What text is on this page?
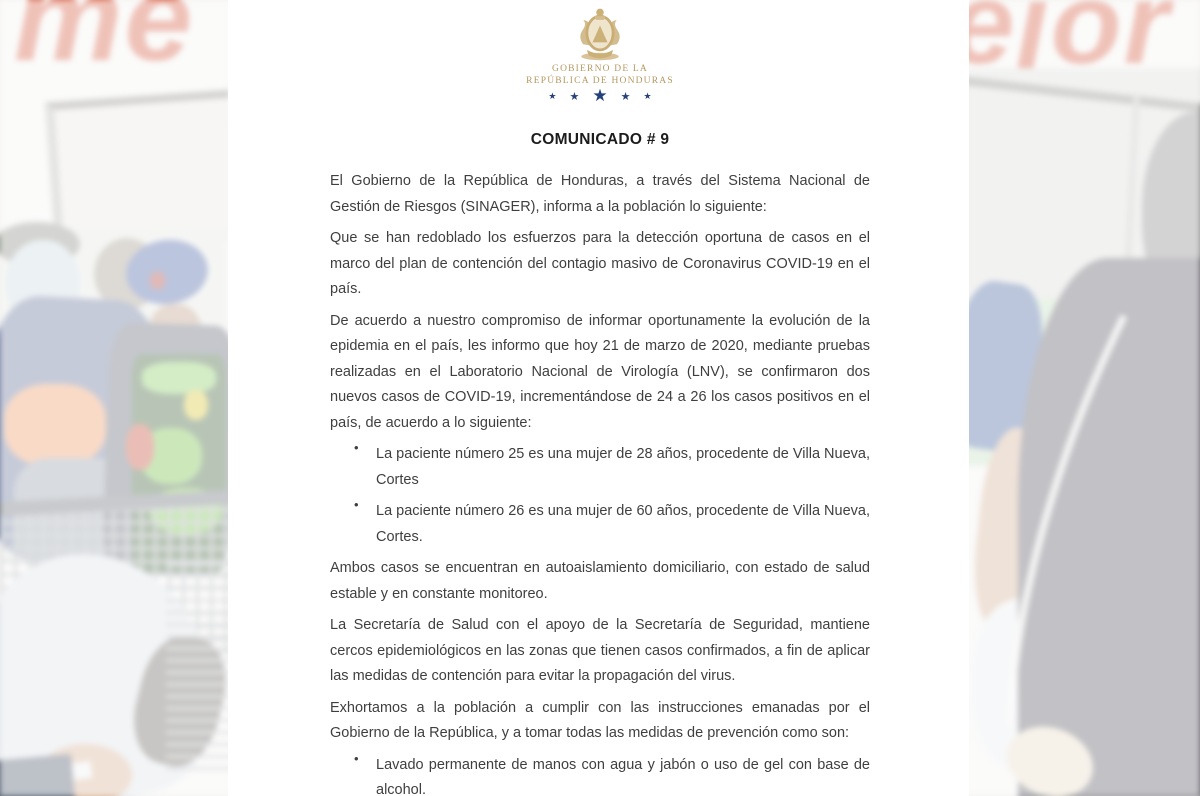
GOBIERNO DE LA
REPÚBLICA DE HONDURAS
★ ★ ★ ★ ★
COMUNICADO # 9

El Gobierno de la República de Honduras, a través del Sistema Nacional de Gestión de Riesgos (SINAGER), informa a la población lo siguiente:

Que se han redoblado los esfuerzos para la detección oportuna de casos en el marco del plan de contención del contagio masivo de Coronavirus COVID-19 en el país.

De acuerdo a nuestro compromiso de informar oportunamente la evolución de la epidemia en el país, les informo que hoy 21 de marzo de 2020, mediante pruebas realizadas en el Laboratorio Nacional de Virología (LNV), se confirmaron dos nuevos casos de COVID-19, incrementándose de 24 a 26 los casos positivos en el país, de acuerdo a lo siguiente:

• La paciente número 25 es una mujer de 28 años, procedente de Villa Nueva, Cortes

• La paciente número 26 es una mujer de 60 años, procedente de Villa Nueva, Cortes.

Ambos casos se encuentran en autoaislamiento domiciliario, con estado de salud estable y en constante monitoreo.

La Secretaría de Salud con el apoyo de la Secretaría de Seguridad, mantiene cercos epidemiológicos en las zonas que tienen casos confirmados, a fin de aplicar las medidas de contención para evitar la propagación del virus.

Exhortamos a la población a cumplir con las instrucciones emanadas por el Gobierno de la República, y a tomar todas las medidas de prevención como son:

• Lavado permanente de manos con agua y jabón o uso de gel con base de alcohol.
